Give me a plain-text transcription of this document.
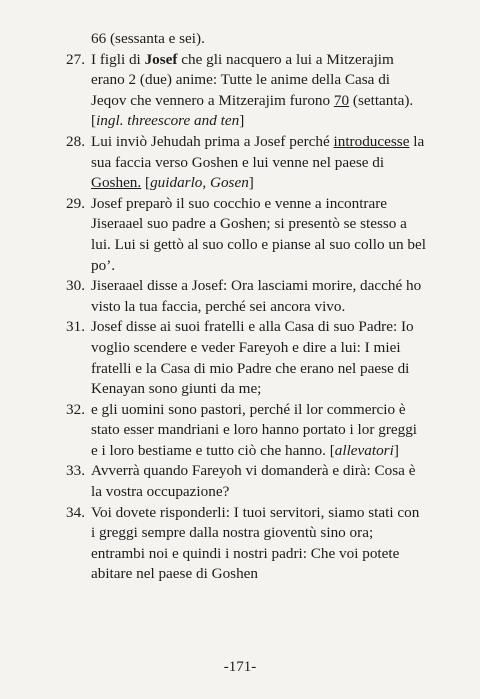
66 (sessanta e sei).
27. I figli di Josef che gli nacquero a lui a Mitzerajim erano 2 (due) anime: Tutte le anime della Casa di Jeqov che vennero a Mitzerajim furono 70 (settanta). [ingl. threescore and ten]
28. Lui inviò Jehudah prima a Josef perché introducesse la sua faccia verso Goshen e lui venne nel paese di Goshen. [guidarlo, Gosen]
29. Josef preparò il suo cocchio e venne a incontrare Jiseraael suo padre a Goshen; si presentò se stesso a lui. Lui si gettò al suo collo e pianse al suo collo un bel po’.
30. Jiseraael disse a Josef: Ora lasciami morire, dacché ho visto la tua faccia, perché sei ancora vivo.
31. Josef disse ai suoi fratelli e alla Casa di suo Padre: Io voglio scendere e veder Fareyoh e dire a lui: I miei fratelli e la Casa di mio Padre che erano nel paese di Kenayan sono giunti da me;
32. e gli uomini sono pastori, perché il lor commercio è stato esser mandriani e loro hanno portato i lor greggi e i loro bestiame e tutto ciò che hanno. [allevatori]
33. Avverrà quando Fareyoh vi domanderà e dirà: Cosa è la vostra occupazione?
34. Voi dovete risponderli: I tuoi servitori, siamo stati con i greggi sempre dalla nostra gioventù sino ora; entrambi noi e quindi i nostri padri: Che voi potete abitare nel paese di Goshen
-171-
